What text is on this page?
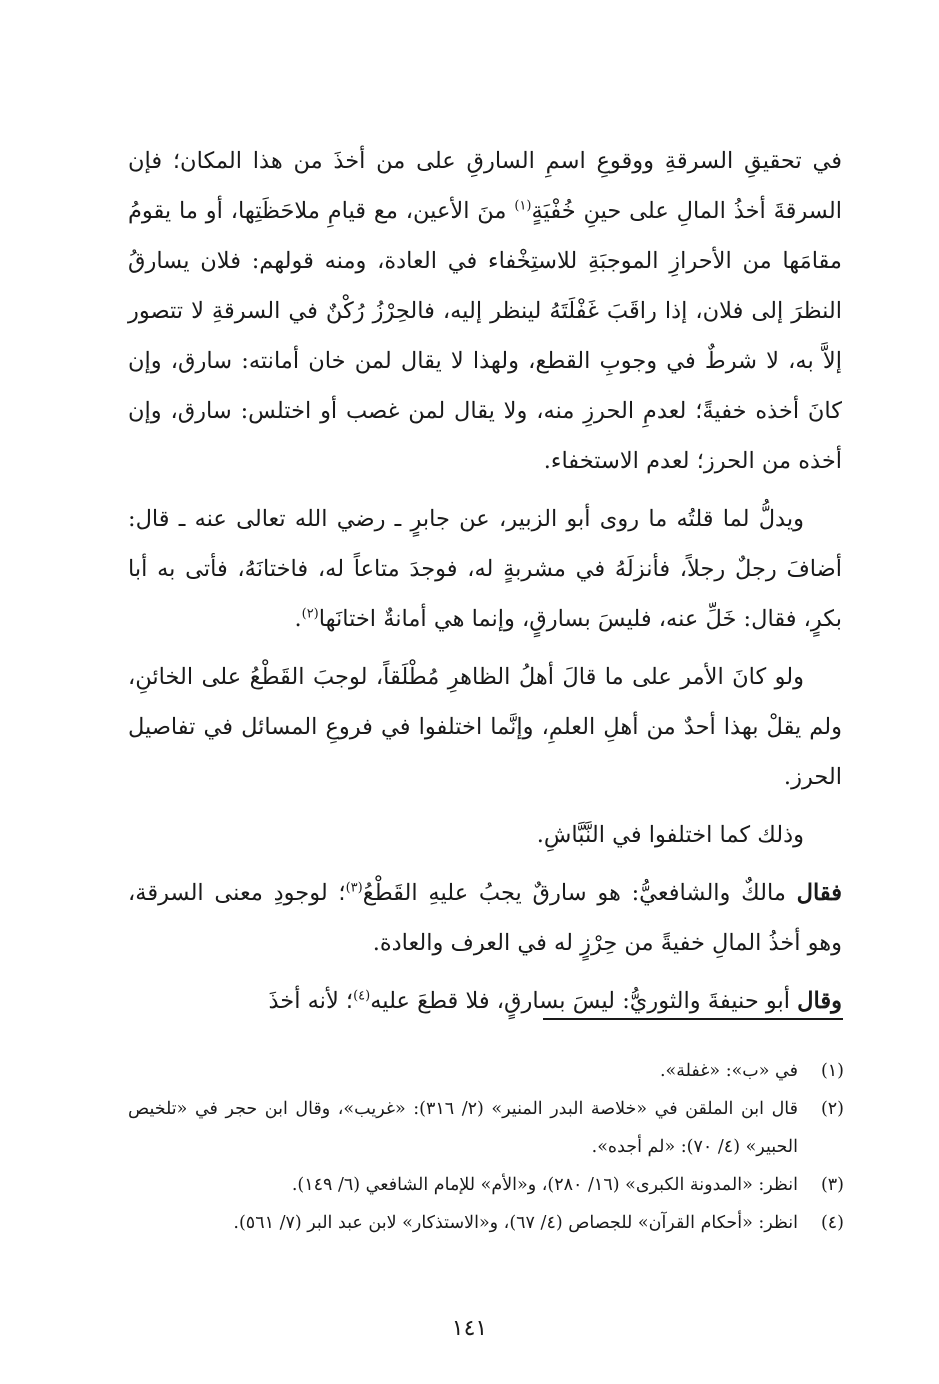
في تحقيقِ السرقةِ ووقوعِ اسمِ السارقِ على من أخذَ من هذا المكان؛ فإن السرقةَ أخذُ المالِ على حينِ خُفْيَةٍ$^{(١)}$ منَ الأعين، مع قيامِ ملاحَظَتِها، أو ما يقومُ مقامَها من الأحرازِ الموجبَةِ للاستِخْفاء في العادة، ومنه قولهم: فلان يسارقُ النظرَ إلى فلان، إذا راقَبَ غَفْلَتَهُ لينظر إليه، فالحِرْزُ رُكْنٌ في السرقةِ لا تتصور إلاَّ به، لا شرطٌ في وجوبِ القطع، ولهذا لا يقال لمن خان أمانته: سارق، وإن كانَ أخذه خفيةً؛ لعدمِ الحرزِ منه، ولا يقال لمن غصب أو اختلس: سارق، وإن أخذه من الحرز؛ لعدم الاستخفاء.

ويدلُّ لما قلتُه ما روى أبو الزبير، عن جابرٍ ـ رضي الله تعالى عنه ـ قال: أضافَ رجلٌ رجلاً، فأنزلَهُ في مشربةٍ له، فوجدَ متاعاً له، فاختانَهُ، فأتى به أبا بكرٍ، فقال: خَلِّ عنه، فليسَ بسارقٍ، وإنما هي أمانةٌ اختانَها$^{(٢)}$.

ولو كانَ الأمر على ما قالَ أهلُ الظاهرِ مُطْلَقاً، لوجبَ القَطْعُ على الخائنِ، ولم يقلْ بهذا أحدٌ من أهلِ العلمِ، وإنَّما اختلفوا في فروعِ المسائل في تفاصيل الحرز.

وذلك كما اختلفوا في النَّبَّاشِ.

فقال مالكٌ والشافعيُّ: هو سارقٌ يجبُ عليهِ القَطْعُ$^{(٣)}$؛ لوجودِ معنى السرقة، وهو أخذُ المالِ خفيةً من حِرْزٍ له في العرف والعادة.

وقال أبو حنيفةَ والثوريُّ: ليسَ بسارقٍ، فلا قطعَ عليه$^{(٤)}$؛ لأنه أخذَ

(١)
في «ب»: «غفلة».
(٢)
قال ابن الملقن في «خلاصة البدر المنير» (٢/ ٣١٦): «غريب»، وقال ابن حجر في «تلخيص الحبير» (٤/ ٧٠): «لم أجده».
(٣)
انظر: «المدونة الكبرى» (١٦/ ٢٨٠)، و«الأم» للإمام الشافعي (٦/ ١٤٩).
(٤)
انظر: «أحكام القرآن» للجصاص (٤/ ٦٧)، و«الاستذكار» لابن عبد البر (٧/ ٥٦١).
١٤١
